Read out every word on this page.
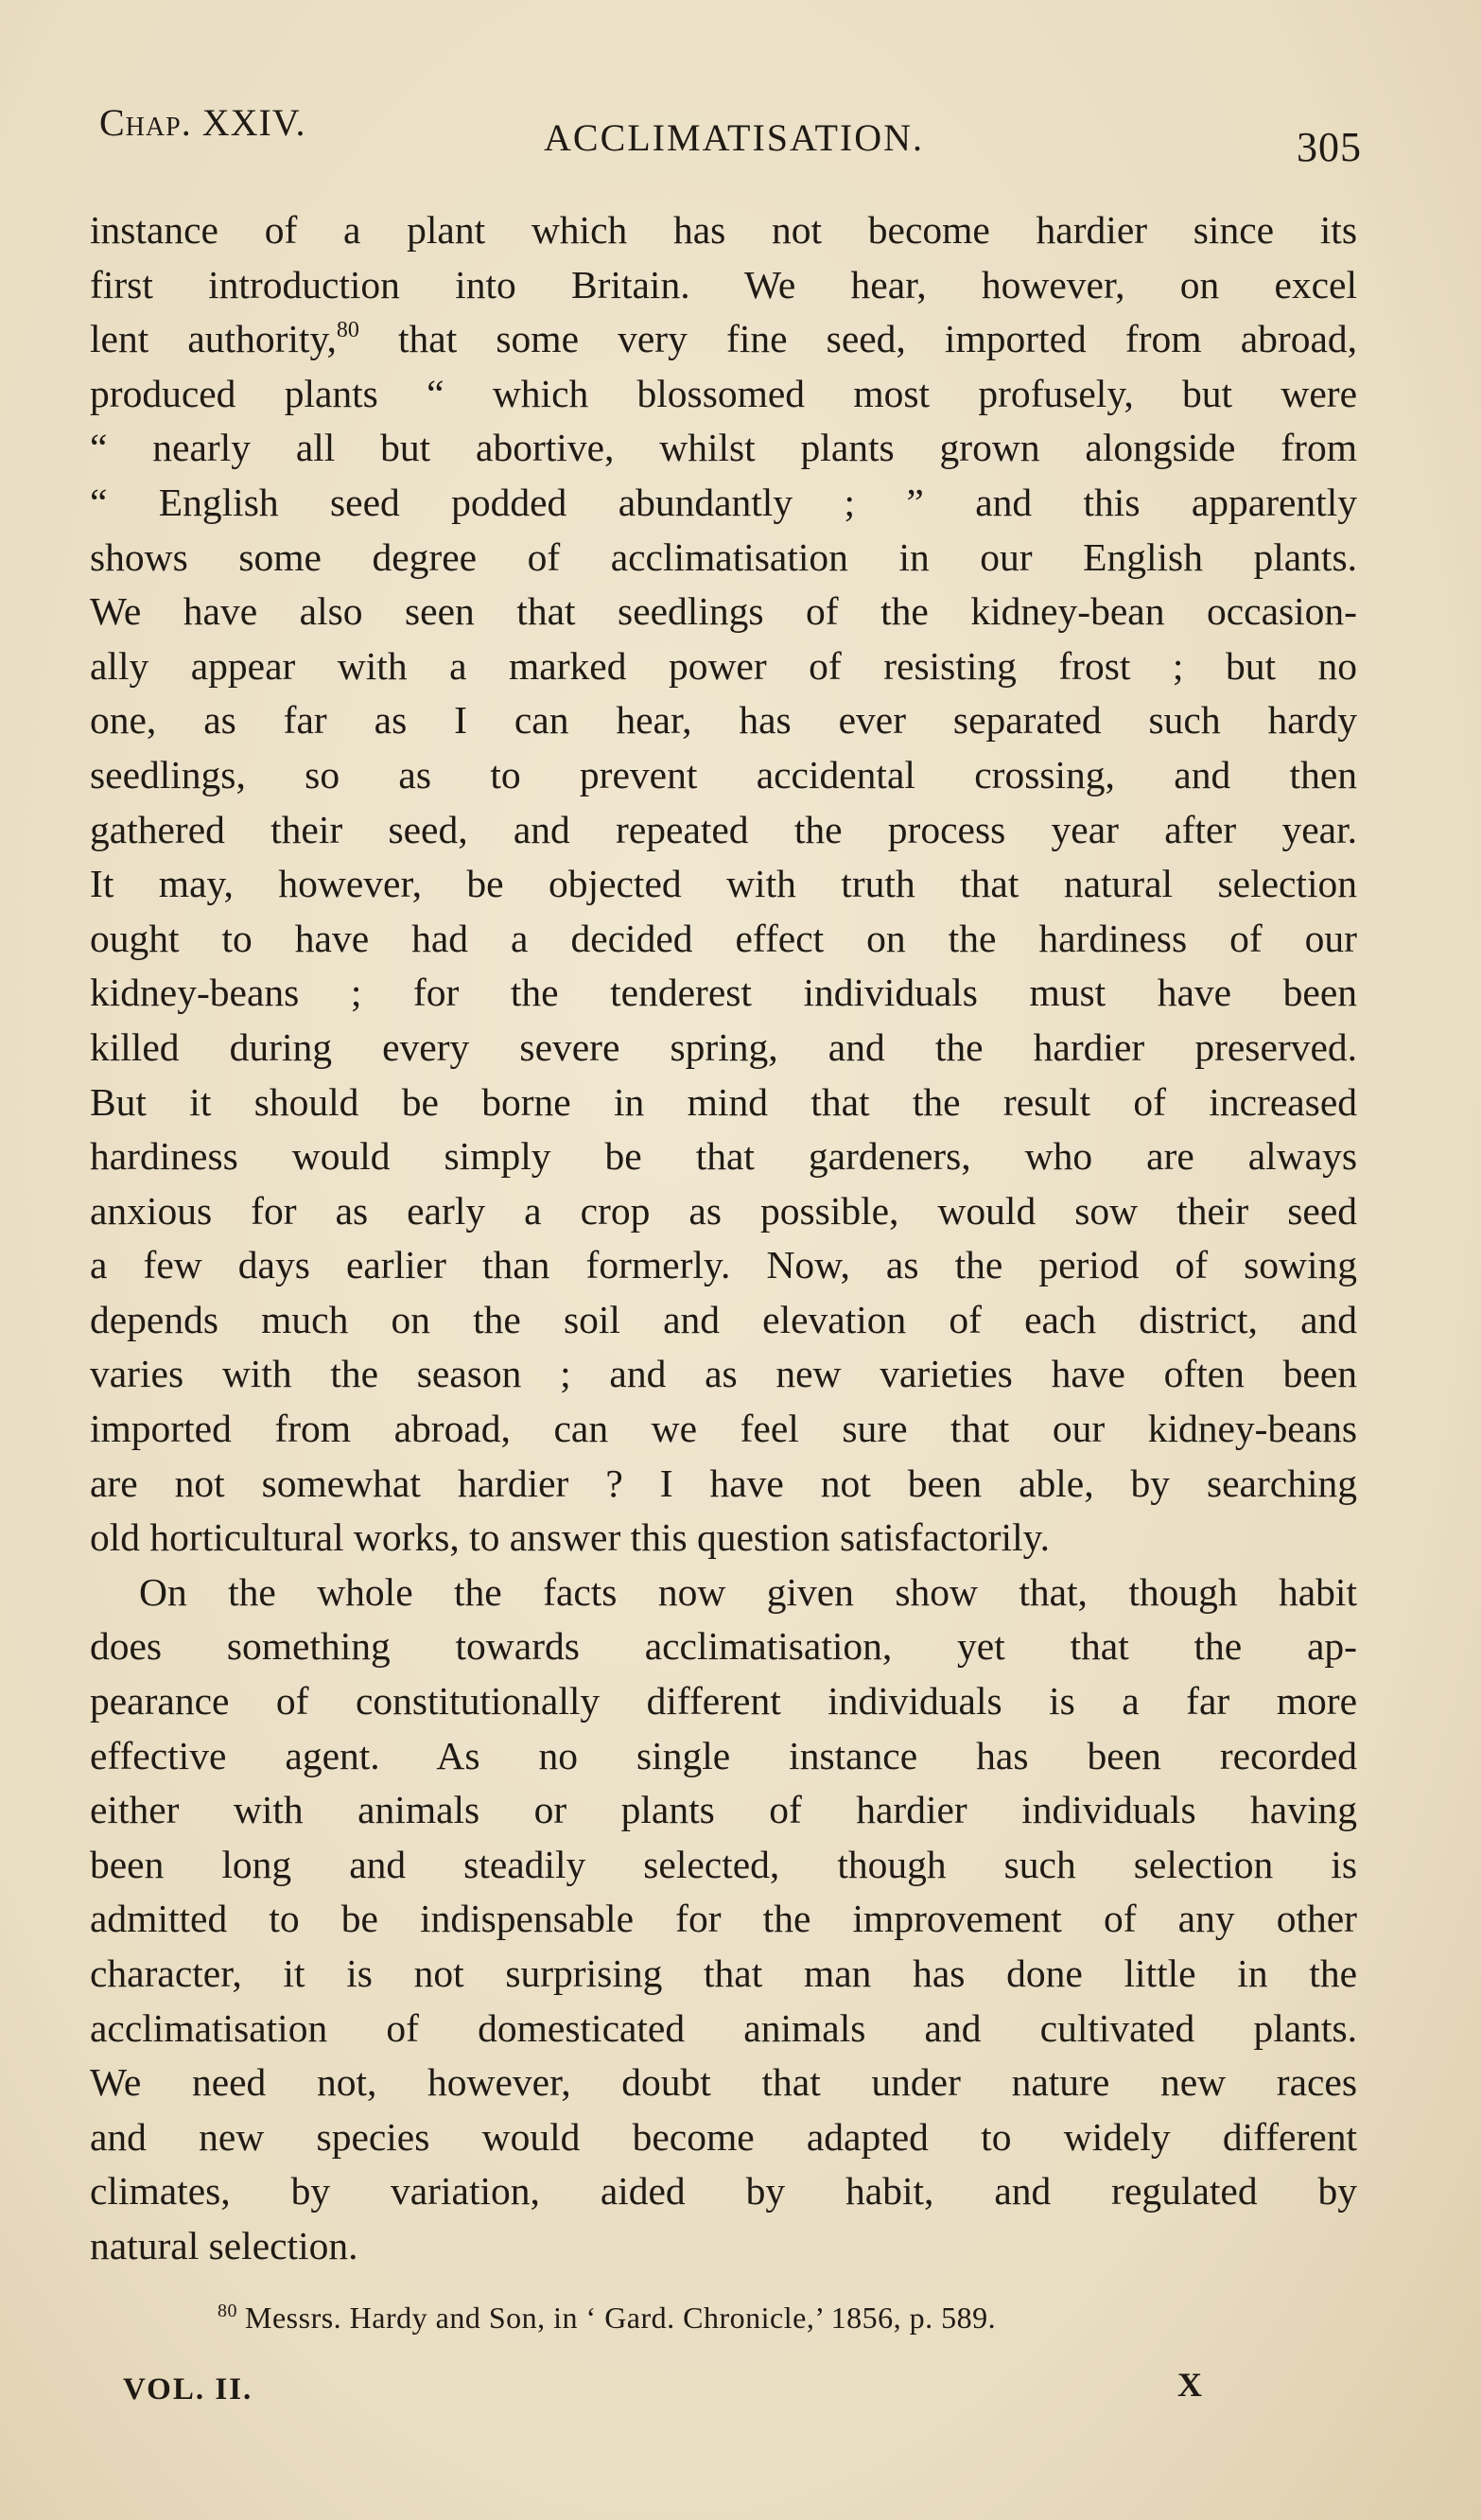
Chap. XXIV.	ACCLIMATISATION.	305
instance of a plant which has not become hardier since its
first introduction into Britain. We hear, however, on excel
lent authority,$^{80}$ that some very fine seed, imported from abroad,
produced plants “ which blossomed most profusely, but were
“ nearly all but abortive, whilst plants grown alongside from
“ English seed podded abundantly ; ” and this apparently
shows some degree of acclimatisation in our English plants.
We have also seen that seedlings of the kidney-bean occasion-
ally appear with a marked power of resisting frost ; but no
one, as far as I can hear, has ever separated such hardy
seedlings, so as to prevent accidental crossing, and then
gathered their seed, and repeated the process year after year.
It may, however, be objected with truth that natural selection
ought to have had a decided effect on the hardiness of our
kidney-beans ; for the tenderest individuals must have been
killed during every severe spring, and the hardier preserved.
But it should be borne in mind that the result of increased
hardiness would simply be that gardeners, who are always
anxious for as early a crop as possible, would sow their seed
a few days earlier than formerly. Now, as the period of sowing
depends much on the soil and elevation of each district, and
varies with the season ; and as new varieties have often been
imported from abroad, can we feel sure that our kidney-beans
are not somewhat hardier ? I have not been able, by searching
old horticultural works, to answer this question satisfactorily.
On the whole the facts now given show that, though habit
does something towards acclimatisation, yet that the ap-
pearance of constitutionally different individuals is a far more
effective agent. As no single instance has been recorded
either with animals or plants of hardier individuals having
been long and steadily selected, though such selection is
admitted to be indispensable for the improvement of any other
character, it is not surprising that man has done little in the
acclimatisation of domesticated animals and cultivated plants.
We need not, however, doubt that under nature new races
and new species would become adapted to widely different
climates, by variation, aided by habit, and regulated by
natural selection.
$^{80}$ Messrs. Hardy and Son, in ‘ Gard. Chronicle,’ 1856, p. 589.
VOL. II.	X
